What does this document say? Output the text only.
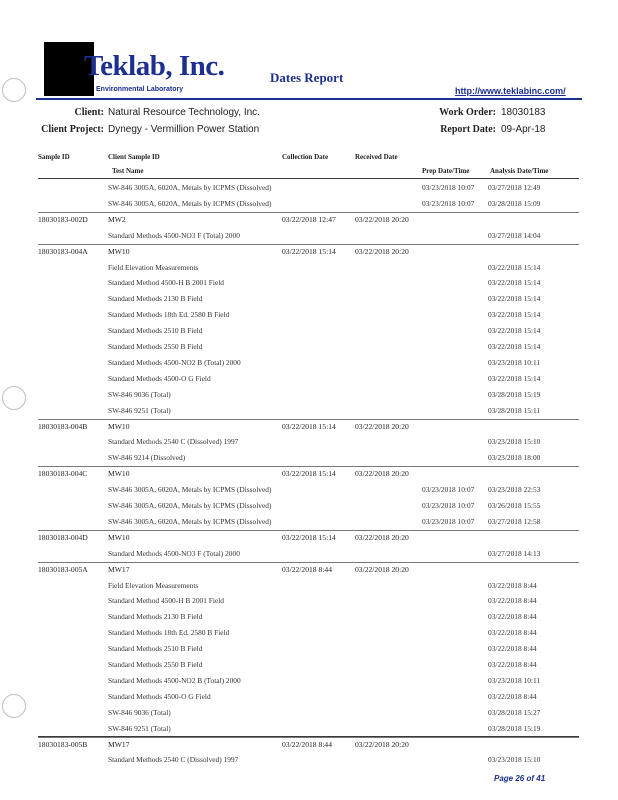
Teklab, Inc.
Environmental Laboratory
Dates Report
http://www.teklabinc.com/
Client: Natural Resource Technology, Inc.
Client Project: Dynegy - Vermillion Power Station
Work Order: 18030183
Report Date: 09-Apr-18
Sample ID	Client Sample ID
Test Name
Collection Date	Received Date
Prep Date/Time	Analysis Date/Time
SW-846 3005A, 6020A, Metals by ICPMS (Dissolved)	03/23/2018 10:07 03/27/2018 12:49
SW-846 3005A, 6020A, Metals by ICPMS (Dissolved)	03/23/2018 10:07 03/28/2018 15:09
18030183-002D	MW2	03/22/2018 12:47	03/22/2018 20:20
Standard Methods 4500-NO3 F (Total) 2000	03/27/2018 14:04
18030183-004A	MW10	03/22/2018 15:14	03/22/2018 20:20
Field Elevation Measurements	03/22/2018 15:14
Standard Method 4500-H B 2001 Field	03/22/2018 15:14
Standard Methods 2130 B Field	03/22/2018 15:14
Standard Methods 18th Ed. 2580 B Field	03/22/2018 15:14
Standard Methods 2510 B Field	03/22/2018 15:14
Standard Methods 2550 B Field	03/22/2018 15:14
Standard Methods 4500-NO2 B (Total) 2000	03/23/2018 10:11
Standard Methods 4500-O G Field	03/22/2018 15:14
SW-846 9036 (Total)	03/28/2018 15:19
SW-846 9251 (Total)	03/28/2018 15:11
18030183-004B	MW10	03/22/2018 15:14	03/22/2018 20:20
Standard Methods 2540 C (Dissolved) 1997	03/23/2018 15:10
SW-846 9214 (Dissolved)	03/23/2018 18:00
18030183-004C	MW10	03/22/2018 15:14	03/22/2018 20:20
SW-846 3005A, 6020A, Metals by ICPMS (Dissolved)	03/23/2018 10:07 03/23/2018 22:53
SW-846 3005A, 6020A, Metals by ICPMS (Dissolved)	03/23/2018 10:07 03/26/2018 15:55
SW-846 3005A, 6020A, Metals by ICPMS (Dissolved)	03/23/2018 10:07 03/27/2018 12:58
18030183-004D	MW10	03/22/2018 15:14	03/22/2018 20:20
Standard Methods 4500-NO3 F (Total) 2000	03/27/2018 14:13
18030183-005A	MW17	03/22/2018 8:44	03/22/2018 20:20
Field Elevation Measurements	03/22/2018 8:44
Standard Method 4500-H B 2001 Field	03/22/2018 8:44
Standard Methods 2130 B Field	03/22/2018 8:44
Standard Methods 18th Ed. 2580 B Field	03/22/2018 8:44
Standard Methods 2510 B Field	03/22/2018 8:44
Standard Methods 2550 B Field	03/22/2018 8:44
Standard Methods 4500-NO2 B (Total) 2000	03/23/2018 10:11
Standard Methods 4500-O G Field	03/22/2018 8:44
SW-846 9036 (Total)	03/28/2018 15:27
SW-846 9251 (Total)	03/28/2018 15:19
18030183-005B	MW17	03/22/2018 8:44	03/22/2018 20:20
Standard Methods 2540 C (Dissolved) 1997	03/23/2018 15:10
Page 26 of 41
